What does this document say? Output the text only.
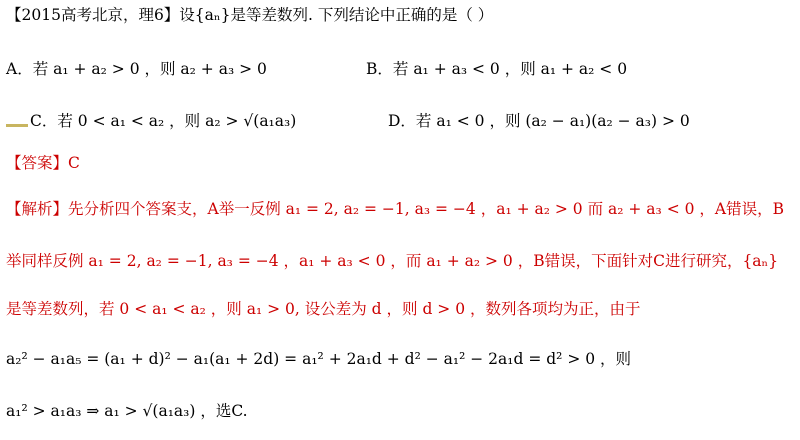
【2015高考北京，理6】设{aₙ}是等差数列. 下列结论中正确的是（ ）
A．若 a₁ + a₂ > 0 ，则 a₂ + a₃ > 0	B．若 a₁ + a₃ < 0 ，则 a₁ + a₂ < 0
C．若 0 < a₁ < a₂ ，则 a₂ > √(a₁a₃)	D．若 a₁ < 0 ，则 (a₂ − a₁)(a₂ − a₃) > 0
【答案】C
【解析】先分析四个答案支，A举一反例 a₁ = 2, a₂ = −1, a₃ = −4 ，a₁ + a₂ > 0 而 a₂ + a₃ < 0 ，A错误，B
举同样反例 a₁ = 2, a₂ = −1, a₃ = −4 ，a₁ + a₃ < 0 ，而 a₁ + a₂ > 0 ，B错误，下面针对C进行研究，{aₙ}
是等差数列，若 0 < a₁ < a₂ ，则 a₁ > 0, 设公差为 d ，则 d > 0 ，数列各项均为正，由于
a₂² − a₁a₅ = (a₁ + d)² − a₁(a₁ + 2d) = a₁² + 2a₁d + d² − a₁² − 2a₁d = d² > 0 ，则
a₁² > a₁a₃ ⇒ a₁ > √(a₁a₃) ，选C.
